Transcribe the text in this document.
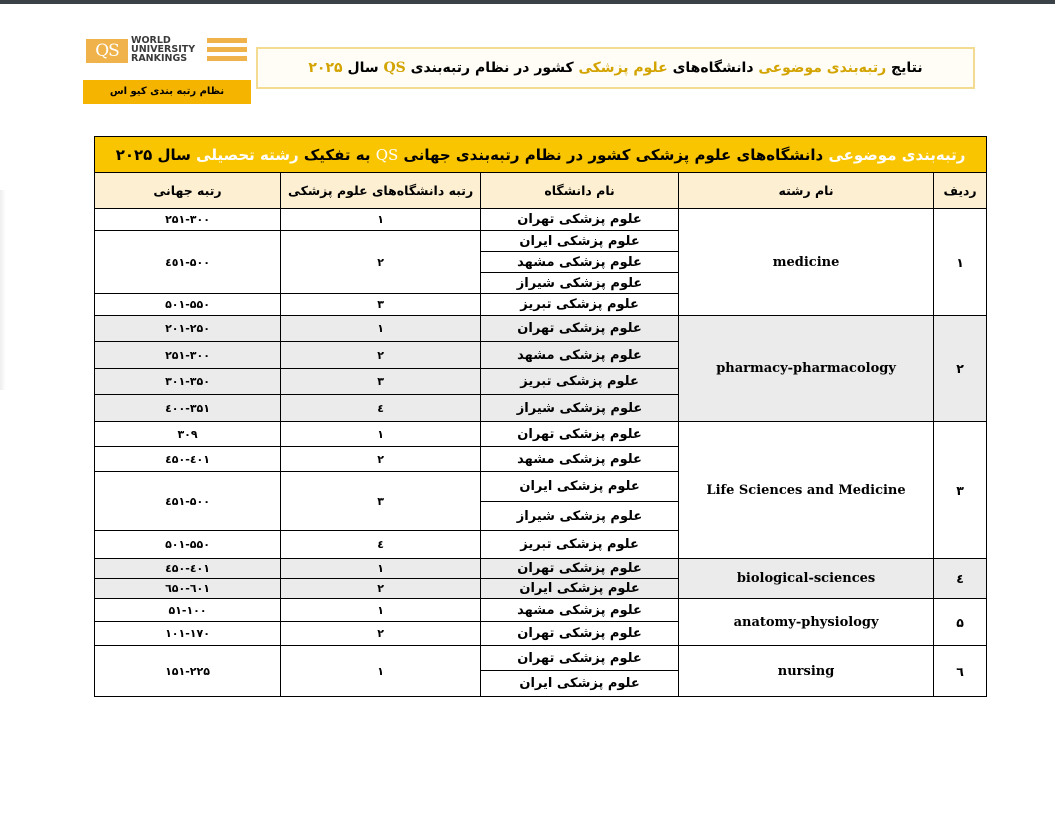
QS
WORLD
UNIVERSITY
RANKINGS
نظام رتبه بندی کیو اس
نتایج رتبه‌بندی موضوعی دانشگاه‌های علوم پزشکی کشور در نظام رتبه‌بندی QS سال ۲۰۲۵
رتبه‌بندی موضوعی دانشگاه‌های علوم پزشکی کشور در نظام رتبه‌بندی جهانی QS به تفکیک رشته تحصیلی سال ۲۰۲۵				
ردیف	نام رشته	نام دانشگاه	رتبه دانشگاه‌های علوم پزشکی	رتبه جهانی
۱	medicine	علوم پزشکی تهران	۱	۲۵۱-۳۰۰
		علوم پزشکی ایران	۲	٤٥۱-۵۰۰
		علوم پزشکی مشهد		
		علوم پزشکی شیراز		
		علوم پزشکی تبریز	۳	۵۰۱-۵۵۰
۲	pharmacy-pharmacology	علوم پزشکی تهران	۱	۲۰۱-۲۵۰
		علوم پزشکی مشهد	۲	۲۵۱-۳۰۰
		علوم پزشکی تبریز	۳	۳۰۱-۳۵۰
		علوم پزشکی شیراز	٤	۳۵۱-٤۰۰
۳	Life Sciences and Medicine	علوم پزشکی تهران	۱	۳۰۹
		علوم پزشکی مشهد	۲	٤۰۱-٤۵۰
		علوم پزشکی ایران	۳	٤۵۱-۵۰۰
		علوم پزشکی شیراز		
		علوم پزشکی تبریز	٤	۵۰۱-۵۵۰
٤	biological-sciences	علوم پزشکی تهران	۱	٤۰۱-٤۵۰
		علوم پزشکی ایران	۲	٦۰۱-٦۵۰
۵	anatomy-physiology	علوم پزشکی مشهد	۱	۵۱-۱۰۰
		علوم پزشکی تهران	۲	۱۰۱-۱۷۰
٦	nursing	علوم پزشکی تهران	۱	۱۵۱-۲۲۵
		علوم پزشکی ایران		
